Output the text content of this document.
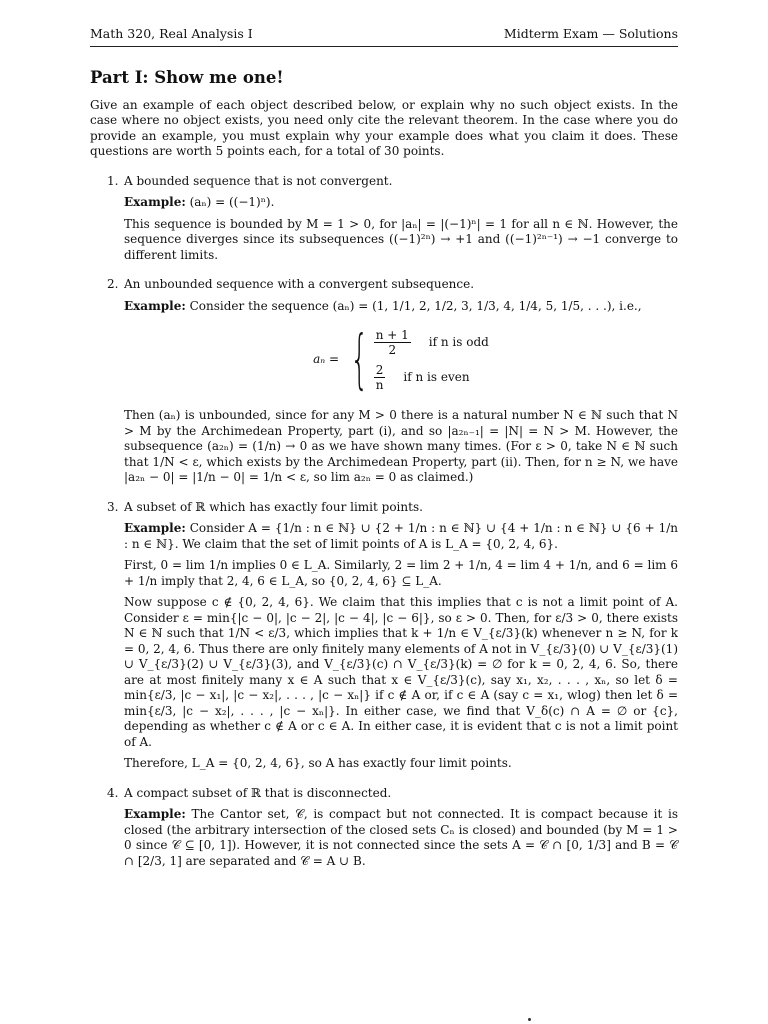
Math 320, Real Analysis I	Midterm Exam — Solutions
Part I: Show me one!

Give an example of each object described below, or explain why no such object exists. In the case where no object exists, you need only cite the relevant theorem. In the case where you do provide an example, you must explain why your example does what you claim it does. These questions are worth 5 points each, for a total of 30 points.

1. A bounded sequence that is not convergent.

Example: (aₙ) = ((−1)ⁿ).

This sequence is bounded by M = 1 > 0, for |aₙ| = |(−1)ⁿ| = 1 for all n ∈ ℕ. However, the sequence diverges since its subsequences ((−1)²ⁿ) → +1 and ((−1)²ⁿ⁻¹) → −1 converge to different limits.

2. An unbounded sequence with a convergent subsequence.

Example: Consider the sequence (aₙ) = (1, 1/1, 2, 1/2, 3, 1/3, 4, 1/4, 5, 1/5, . . .), i.e.,

aₙ = { $\frac{n + 1}{2}$ if n is odd
$\frac{2}{n}$ if n is even

Then (aₙ) is unbounded, since for any M > 0 there is a natural number N ∈ ℕ such that N > M by the Archimedean Property, part (i), and so |a₂ₙ₋₁| = |N| = N > M. However, the subsequence (a₂ₙ) = (1/n) → 0 as we have shown many times. (For ε > 0, take N ∈ ℕ such that 1/N < ε, which exists by the Archimedean Property, part (ii). Then, for n ≥ N, we have |a₂ₙ − 0| = |1/n − 0| = 1/n < ε, so lim a₂ₙ = 0 as claimed.)

3. A subset of ℝ which has exactly four limit points.

Example: Consider A = {1/n : n ∈ ℕ} ∪ {2 + 1/n : n ∈ ℕ} ∪ {4 + 1/n : n ∈ ℕ} ∪ {6 + 1/n : n ∈ ℕ}. We claim that the set of limit points of A is L_A = {0, 2, 4, 6}.

First, 0 = lim 1/n implies 0 ∈ L_A. Similarly, 2 = lim 2 + 1/n, 4 = lim 4 + 1/n, and 6 = lim 6 + 1/n imply that 2, 4, 6 ∈ L_A, so {0, 2, 4, 6} ⊆ L_A.

Now suppose c ∉ {0, 2, 4, 6}. We claim that this implies that c is not a limit point of A. Consider ε = min{|c − 0|, |c − 2|, |c − 4|, |c − 6|}, so ε > 0. Then, for ε/3 > 0, there exists N ∈ ℕ such that 1/N < ε/3, which implies that k + 1/n ∈ V_{ε/3}(k) whenever n ≥ N, for k = 0, 2, 4, 6. Thus there are only finitely many elements of A not in V_{ε/3}(0) ∪ V_{ε/3}(1) ∪ V_{ε/3}(2) ∪ V_{ε/3}(3), and V_{ε/3}(c) ∩ V_{ε/3}(k) = ∅ for k = 0, 2, 4, 6. So, there are at most finitely many x ∈ A such that x ∈ V_{ε/3}(c), say x₁, x₂, . . . , xₙ, so let δ = min{ε/3, |c − x₁|, |c − x₂|, . . . , |c − xₙ|} if c ∉ A or, if c ∈ A (say c = x₁, wlog) then let δ = min{ε/3, |c − x₂|, . . . , |c − xₙ|}. In either case, we find that V_δ(c) ∩ A = ∅ or {c}, depending as whether c ∉ A or c ∈ A. In either case, it is evident that c is not a limit point of A.

Therefore, L_A = {0, 2, 4, 6}, so A has exactly four limit points.

4. A compact subset of ℝ that is disconnected.

Example: The Cantor set, 𝒞, is compact but not connected. It is compact because it is closed (the arbitrary intersection of the closed sets Cₙ is closed) and bounded (by M = 1 > 0 since 𝒞 ⊆ [0, 1]). However, it is not connected since the sets A = 𝒞 ∩ [0, 1/3] and B = 𝒞 ∩ [2/3, 1] are separated and 𝒞 = A ∪ B.
